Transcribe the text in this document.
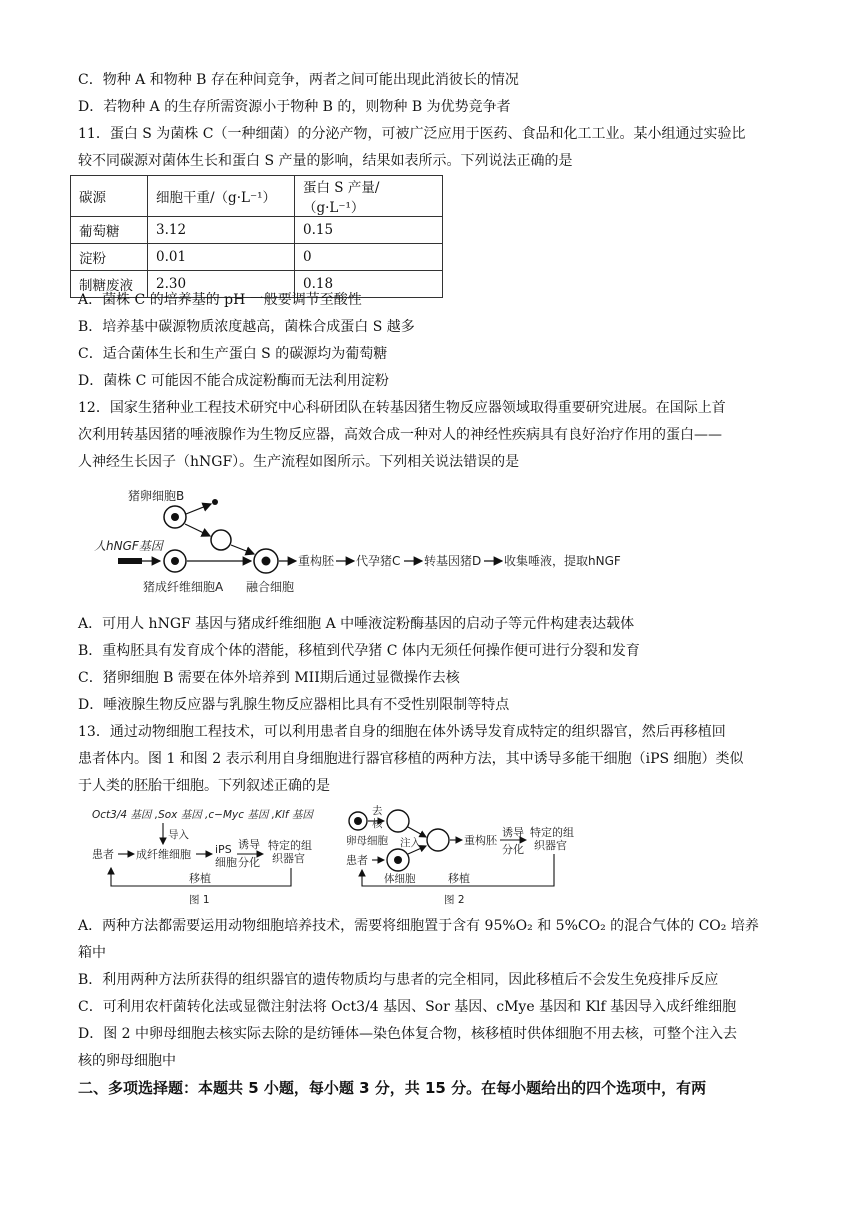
C．物种 A 和物种 B 存在种间竞争，两者之间可能出现此消彼长的情况
D．若物种 A 的生存所需资源小于物种 B 的，则物种 B 为优势竞争者
11．蛋白 S 为菌株 C（一种细菌）的分泌产物，可被广泛应用于医药、食品和化工工业。某小组通过实验比
较不同碳源对菌体生长和蛋白 S 产量的影响，结果如表所示。下列说法正确的是
碳源	细胞干重/（g·L⁻¹）	蛋白 S 产量/（g·L⁻¹）
葡萄糖	3.12	0.15
淀粉	0.01	0
制糖废液	2.30	0.18
A．菌株 C 的培养基的 pH 一般要调节至酸性
B．培养基中碳源物质浓度越高，菌株合成蛋白 S 越多
C．适合菌体生长和生产蛋白 S 的碳源均为葡萄糖
D．菌株 C 可能因不能合成淀粉酶而无法利用淀粉
12．国家生猪种业工程技术研究中心科研团队在转基因猪生物反应器领域取得重要研究进展。在国际上首
次利用转基因猪的唾液腺作为生物反应器，高效合成一种对人的神经性疾病具有良好治疗作用的蛋白——
人神经生长因子（hNGF）。生产流程如图所示。下列相关说法错误的是
猪卵细胞B
人hNGF基因
猪成纤维细胞A 融合细胞
重构胚 代孕猪C 转基因猪D 收集唾液，提取hNGF
A．可用人 hNGF 基因与猪成纤维细胞 A 中唾液淀粉酶基因的启动子等元件构建表达载体
B．重构胚具有发育成个体的潜能，移植到代孕猪 C 体内无须任何操作便可进行分裂和发育
C．猪卵细胞 B 需要在体外培养到 MII期后通过显微操作去核
D．唾液腺生物反应器与乳腺生物反应器相比具有不受性别限制等特点
13．通过动物细胞工程技术，可以利用患者自身的细胞在体外诱导发育成特定的组织器官，然后再移植回
患者体内。图 1 和图 2 表示利用自身细胞进行器官移植的两种方法，其中诱导多能干细胞（iPS 细胞）类似
于人类的胚胎干细胞。下列叙述正确的是
Oct3/4 基因 ,Sox 基因 ,c−Myc 基因 ,Klf 基因
导入
患者 成纤维细胞 iPS
细胞
诱导
分化
特定的组
织器官
移植
图 1
卵母细胞
去
核
注入
患者
体细胞
重构胚
诱导
分化
特定的组
织器官
移植
图 2
A．两种方法都需要运用动物细胞培养技术，需要将细胞置于含有 95%O₂ 和 5%CO₂ 的混合气体的 CO₂ 培养
箱中
B．利用两种方法所获得的组织器官的遗传物质均与患者的完全相同，因此移植后不会发生免疫排斥反应
C．可利用农杆菌转化法或显微注射法将 Oct3/4 基因、Sor 基因、cMye 基因和 Klf 基因导入成纤维细胞
D．图 2 中卵母细胞去核实际去除的是纺锤体—染色体复合物，核移植时供体细胞不用去核，可整个注入去
核的卵母细胞中
二、多项选择题：本题共 5 小题，每小题 3 分，共 15 分。在每小题给出的四个选项中，有两
